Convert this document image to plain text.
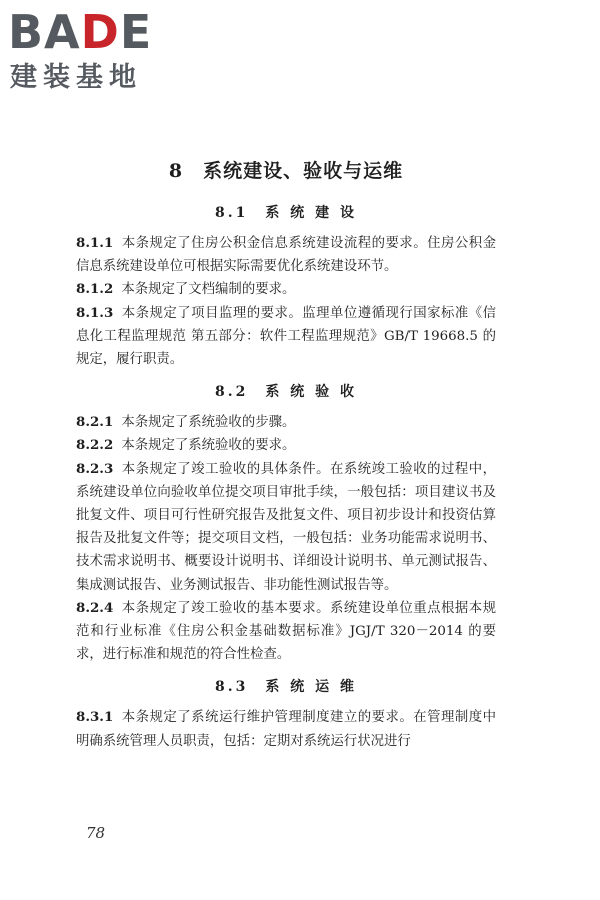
BADE
建装基地
8　系统建设、验收与运维
8.1　系 统 建 设

8.1.1 本条规定了住房公积金信息系统建设流程的要求。住房公积金信息系统建设单位可根据实际需要优化系统建设环节。

8.1.2 本条规定了文档编制的要求。

8.1.3 本条规定了项目监理的要求。监理单位遵循现行国家标准《信息化工程监理规范 第五部分：软件工程监理规范》GB/T 19668.5 的规定，履行职责。

8.2　系 统 验 收

8.2.1 本条规定了系统验收的步骤。

8.2.2 本条规定了系统验收的要求。

8.2.3 本条规定了竣工验收的具体条件。在系统竣工验收的过程中，系统建设单位向验收单位提交项目审批手续，一般包括：项目建议书及批复文件、项目可行性研究报告及批复文件、项目初步设计和投资估算报告及批复文件等；提交项目文档，一般包括：业务功能需求说明书、技术需求说明书、概要设计说明书、详细设计说明书、单元测试报告、集成测试报告、业务测试报告、非功能性测试报告等。

8.2.4 本条规定了竣工验收的基本要求。系统建设单位重点根据本规范和行业标准《住房公积金基础数据标准》JGJ/T 320－2014 的要求，进行标准和规范的符合性检查。

8.3　系 统 运 维

8.3.1 本条规定了系统运行维护管理制度建立的要求。在管理制度中明确系统管理人员职责，包括：定期对系统运行状况进行

78
